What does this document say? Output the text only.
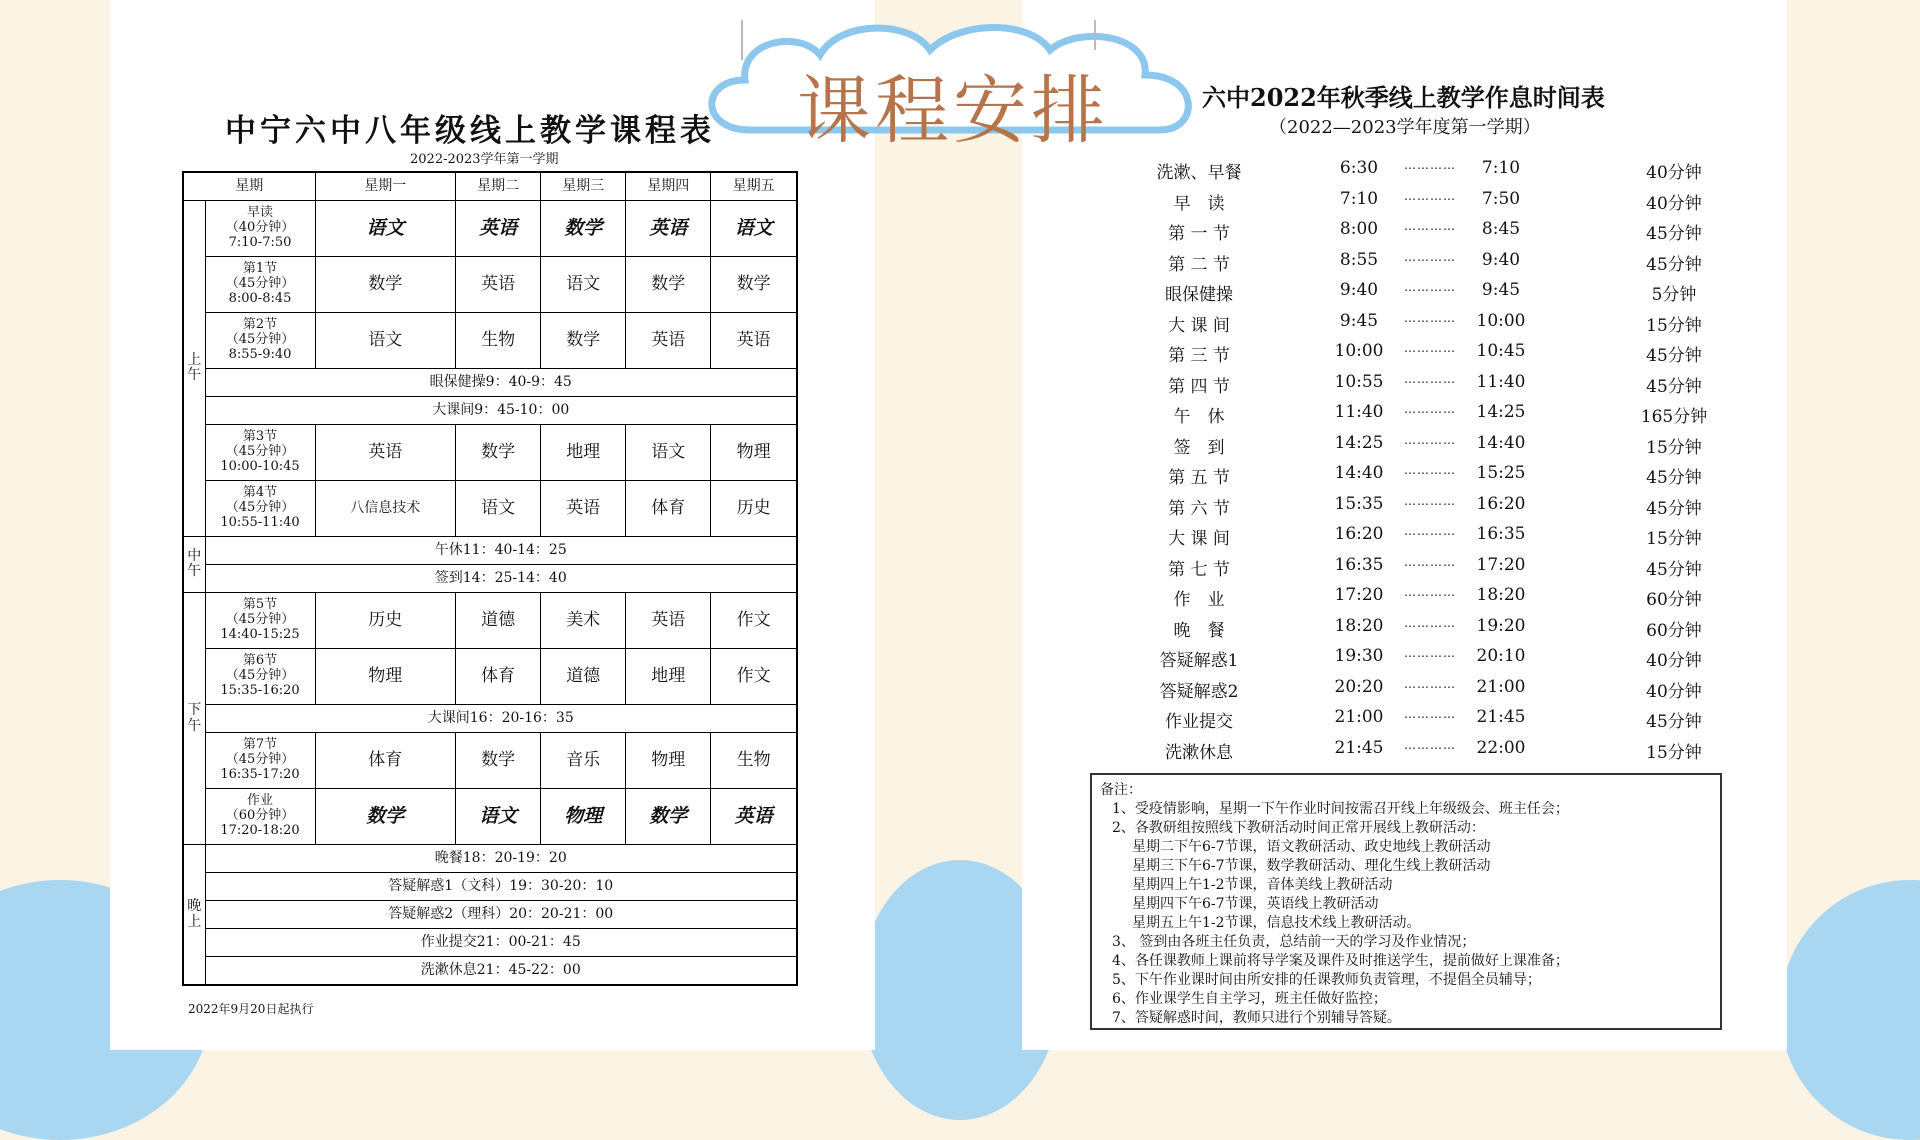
中宁六中八年级线上教学课程表
2022-2023学年第一学期
星期		星期一	星期二	星期三	星期四	星期五
上
午	早读
（40分钟）
7:10-7:50	语文	英语	数学	英语	语文
	第1节
（45分钟）
8:00-8:45	数学	英语	语文	数学	数学
	第2节
（45分钟）
8:55-9:40	语文	生物	数学	英语	英语
	眼保健操9：40-9：45					
	大课间9：45-10：00					
	第3节
（45分钟）
10:00-10:45	英语	数学	地理	语文	物理
	第4节
（45分钟）
10:55-11:40	八信息技术	语文	英语	体育	历史
中
午	午休11：40-14：25					
	签到14：25-14：40					
下
午	第5节
（45分钟）
14:40-15:25	历史	道德	美术	英语	作文
	第6节
（45分钟）
15:35-16:20	物理	体育	道德	地理	作文
	大课间16：20-16：35					
	第7节
（45分钟）
16:35-17:20	体育	数学	音乐	物理	生物
	作业
（60分钟）
17:20-18:20	数学	语文	物理	数学	英语
晚
上	晚餐18：20-19：20					
	答疑解惑1（文科）19：30-20：10					
	答疑解惑2（理科）20：20-21：00					
	作业提交21：00-21：45					
	洗漱休息21：45-22：00					
2022年9月20日起执行
六中2022年秋季线上教学作息时间表
（2022—2023学年度第一学期）
洗漱、早餐	6:30	…………	7:10	40分钟
早　读	7:10	…………	7:50	40分钟
第 一 节	8:00	…………	8:45	45分钟
第 二 节	8:55	…………	9:40	45分钟
眼保健操	9:40	…………	9:45	5分钟
大 课 间	9:45	…………	10:00	15分钟
第 三 节	10:00	…………	10:45	45分钟
第 四 节	10:55	…………	11:40	45分钟
午　休	11:40	…………	14:25	165分钟
签　到	14:25	…………	14:40	15分钟
第 五 节	14:40	…………	15:25	45分钟
第 六 节	15:35	…………	16:20	45分钟
大 课 间	16:20	…………	16:35	15分钟
第 七 节	16:35	…………	17:20	45分钟
作　业	17:20	…………	18:20	60分钟
晚　餐	18:20	…………	19:20	60分钟
答疑解惑1	19:30	…………	20:10	40分钟
答疑解惑2	20:20	…………	21:00	40分钟
作业提交	21:00	…………	21:45	45分钟
洗漱休息	21:45	…………	22:00	15分钟
备注：
1、受疫情影响，星期一下午作业时间按需召开线上年级级会、班主任会；
2、各教研组按照线下教研活动时间正常开展线上教研活动：
星期二下午6-7节课，语文教研活动、政史地线上教研活动
星期三下午6-7节课，数学教研活动、理化生线上教研活动
星期四上午1-2节课，音体美线上教研活动
星期四下午6-7节课，英语线上教研活动
星期五上午1-2节课，信息技术线上教研活动。
3、 签到由各班主任负责，总结前一天的学习及作业情况；
4、各任课教师上课前将导学案及课件及时推送学生，提前做好上课准备；
5、下午作业课时间由所安排的任课教师负责管理，不提倡全员辅导；
6、作业课学生自主学习，班主任做好监控；
7、答疑解惑时间，教师只进行个别辅导答疑。
课程安排
